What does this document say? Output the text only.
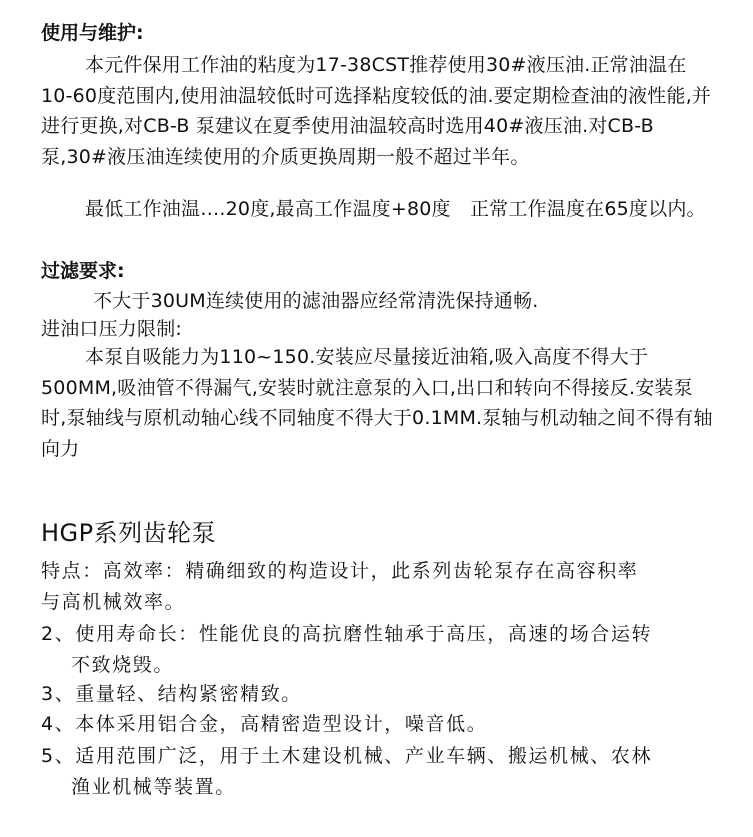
使用与维护:

本元件保用工作油的粘度为17-38CST推荐使用30#液压油.正常油温在10-60度范围内,使用油温较低时可选择粘度较低的油.要定期检查油的液性能,并进行更换,对CB-B 泵建议在夏季使用油温较高时选用40#液压油.对CB-B 泵,30#液压油连续使用的介质更换周期一般不超过半年。

最低工作油温….20度,最高工作温度+80度　正常工作温度在65度以内。

过滤要求:

不大于30UM连续使用的滤油器应经常清洗保持通畅.

进油口压力限制:

本泵自吸能力为110~150.安装应尽量接近油箱,吸入高度不得大于500MM,吸油管不得漏气,安装时就注意泵的入口,出口和转向不得接反.安装泵时,泵轴线与原机动轴心线不同轴度不得大于0.1MM.泵轴与机动轴之间不得有轴向力

HGP系列齿轮泵
特点：高效率：精确细致的构造设计，此系列齿轮泵存在高容积率
与高机械效率。
2、使用寿命长：性能优良的高抗磨性轴承于高压，高速的场合运转
不致烧毁。
3、重量轻、结构紧密精致。
4、本体采用铝合金，高精密造型设计，噪音低。
5、适用范围广泛，用于土木建设机械、产业车辆、搬运机械、农林
渔业机械等装置。
